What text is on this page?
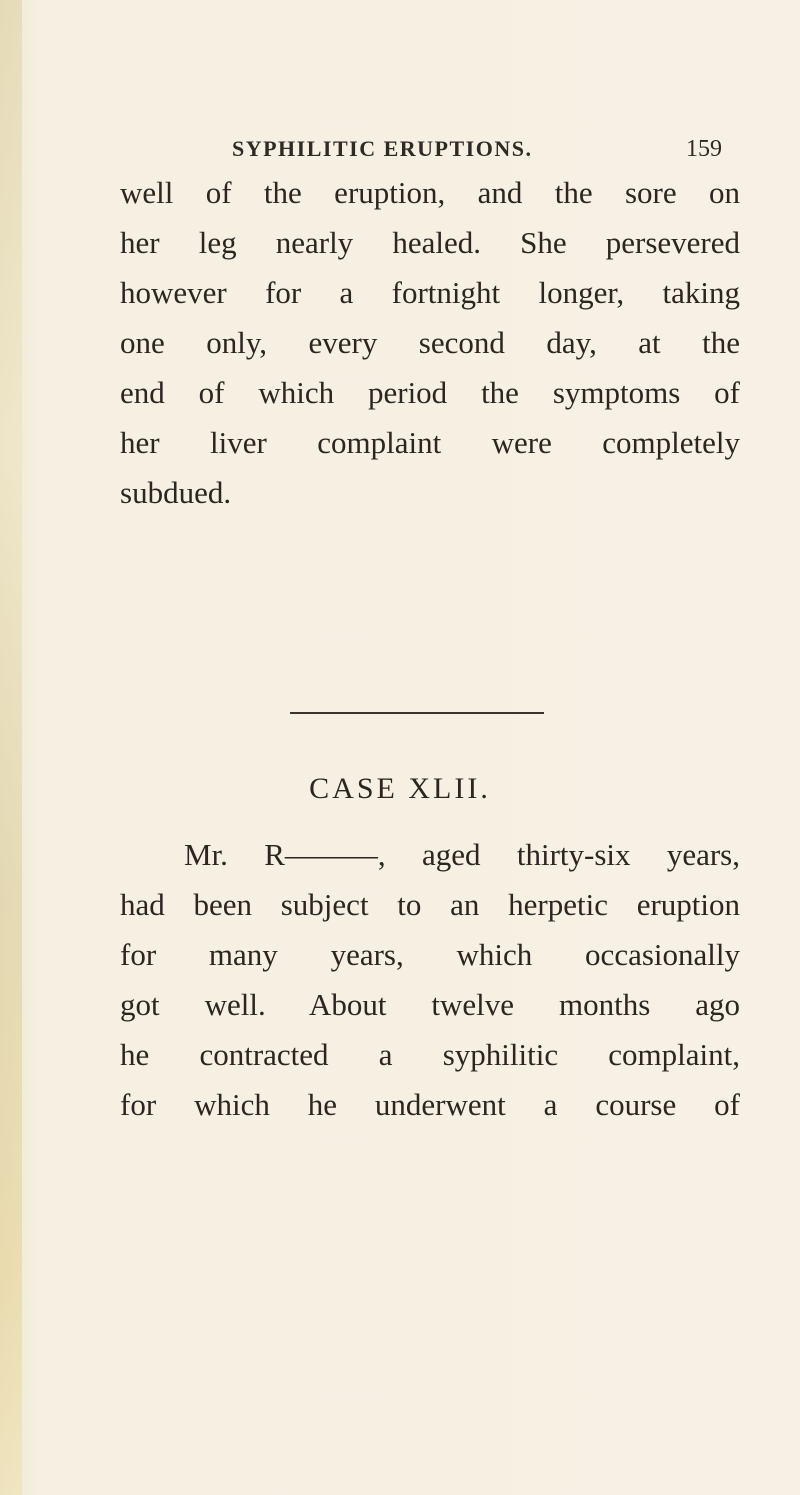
SYPHILITIC ERUPTIONS.	159
well of the eruption, and the sore on
her leg nearly healed. She persevered
however for a fortnight longer, taking
one only, every second day, at the
end of which period the symptoms of
her liver complaint were completely
subdued.
CASE XLII.
Mr. R———, aged thirty-six years,
had been subject to an herpetic eruption
for many years, which occasionally
got well. About twelve months ago
he contracted a syphilitic complaint,
for which he underwent a course of
